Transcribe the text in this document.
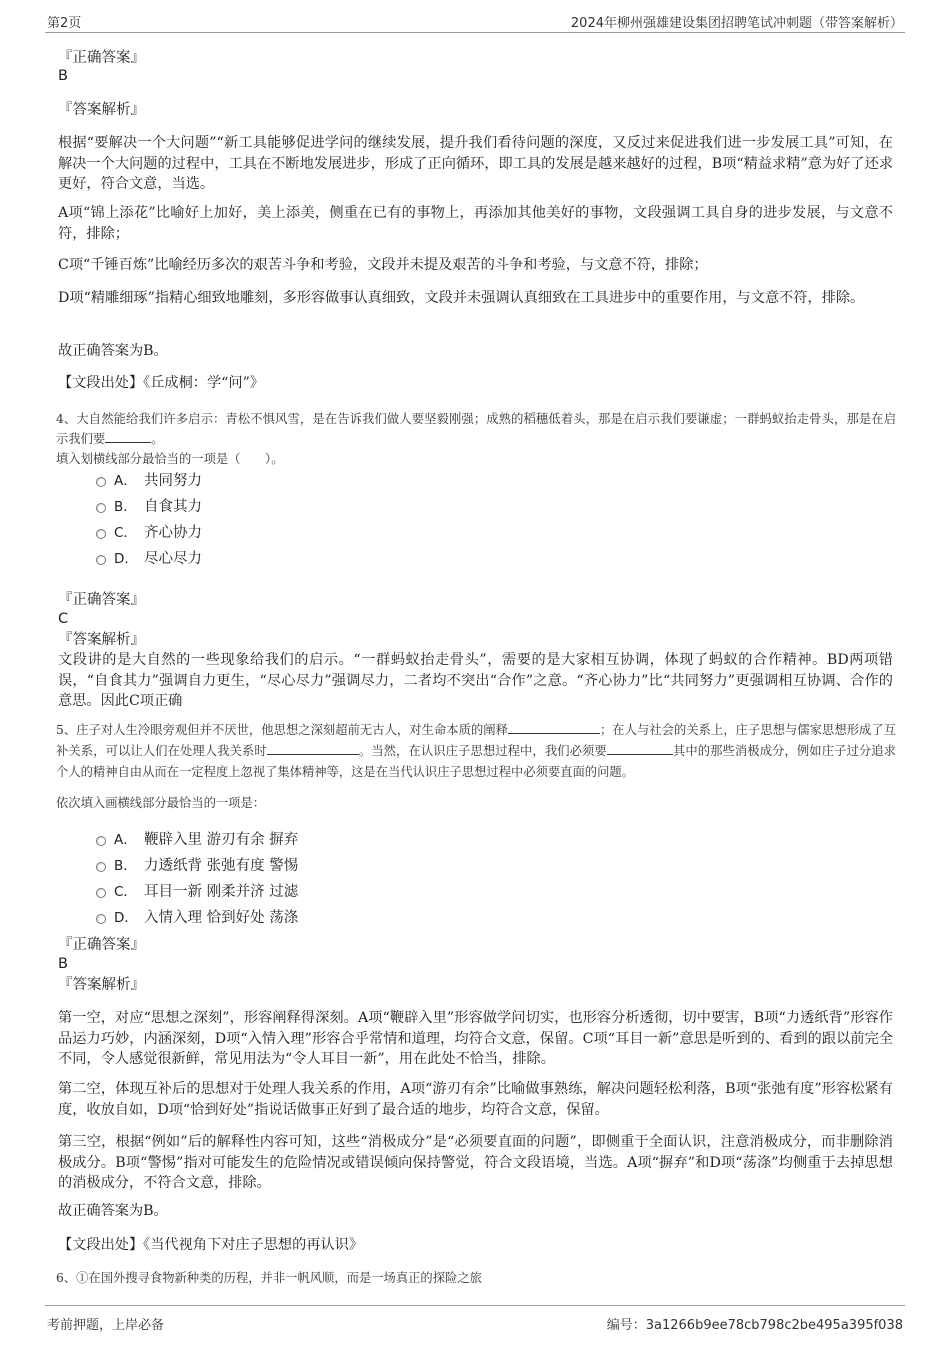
第2页	2024年柳州强雄建设集团招聘笔试冲刺题（带答案解析）
『正确答案』
B
『答案解析』
根据“要解决一个大问题”“新工具能够促进学问的继续发展，提升我们看待问题的深度，又反过来促进我们进一步发展工具”可知，在解决一个大问题的过程中，工具在不断地发展进步，形成了正向循环，即工具的发展是越来越好的过程，B项“精益求精”意为好了还求更好，符合文意，当选。
A项“锦上添花”比喻好上加好，美上添美，侧重在已有的事物上，再添加其他美好的事物，文段强调工具自身的进步发展，与文意不符，排除；
C项“千锤百炼”比喻经历多次的艰苦斗争和考验，文段并未提及艰苦的斗争和考验，与文意不符，排除；
D项“精雕细琢”指精心细致地雕刻，多形容做事认真细致，文段并未强调认真细致在工具进步中的重要作用，与文意不符，排除。
故正确答案为B。
【文段出处】《丘成桐：学“问”》
4、大自然能给我们许多启示：青松不惧风雪，是在告诉我们做人要坚毅刚强；成熟的稻穗低着头，那是在启示我们要谦虚；一群蚂蚁抬走骨头，那是在启示我们要	。
填入划横线部分最恰当的一项是（　　）。
A． 共同努力
B． 自食其力
C． 齐心协力
D． 尽心尽力
『正确答案』
C
『答案解析』
文段讲的是大自然的一些现象给我们的启示。“一群蚂蚁抬走骨头”，需要的是大家相互协调，体现了蚂蚁的合作精神。BD两项错误，“自食其力”强调自力更生，“尽心尽力”强调尽力，二者均不突出“合作”之意。“齐心协力”比“共同努力”更强调相互协调、合作的意思。因此C项正确
5、庄子对人生冷眼旁观但并不厌世，他思想之深刻超前无古人，对生命本质的阐释	；在人与社会的关系上，庄子思想与儒家思想形成了互补关系，可以让人们在处理人我关系时	。当然，在认识庄子思想过程中，我们必须要	其中的那些消极成分，例如庄子过分追求个人的精神自由从而在一定程度上忽视了集体精神等，这是在当代认识庄子思想过程中必须要直面的问题。
依次填入画横线部分最恰当的一项是：
A． 鞭辟入里 游刃有余 摒弃
B． 力透纸背 张弛有度 警惕
C． 耳目一新 刚柔并济 过滤
D． 入情入理 恰到好处 荡涤
『正确答案』
B
『答案解析』
第一空，对应“思想之深刻”，形容阐释得深刻。A项“鞭辟入里”形容做学问切实，也形容分析透彻，切中要害，B项“力透纸背”形容作品运力巧妙，内涵深刻，D项“入情入理”形容合乎常情和道理，均符合文意，保留。C项“耳目一新”意思是听到的、看到的跟以前完全不同，令人感觉很新鲜，常见用法为“令人耳目一新”，用在此处不恰当，排除。
第二空，体现互补后的思想对于处理人我关系的作用，A项“游刃有余”比喻做事熟练，解决问题轻松利落，B项“张弛有度”形容松紧有度，收放自如，D项“恰到好处”指说话做事正好到了最合适的地步，均符合文意，保留。
第三空，根据“例如”后的解释性内容可知，这些“消极成分”是“必须要直面的问题”，即侧重于全面认识，注意消极成分，而非删除消极成分。B项“警惕”指对可能发生的危险情况或错误倾向保持警觉，符合文段语境，当选。A项“摒弃”和D项“荡涤”均侧重于去掉思想的消极成分，不符合文意，排除。
故正确答案为B。
【文段出处】《当代视角下对庄子思想的再认识》
6、①在国外搜寻食物新种类的历程，并非一帆风顺，而是一场真正的探险之旅
考前押题，上岸必备	编号：3a1266b9ee78cb798c2be495a395f038
